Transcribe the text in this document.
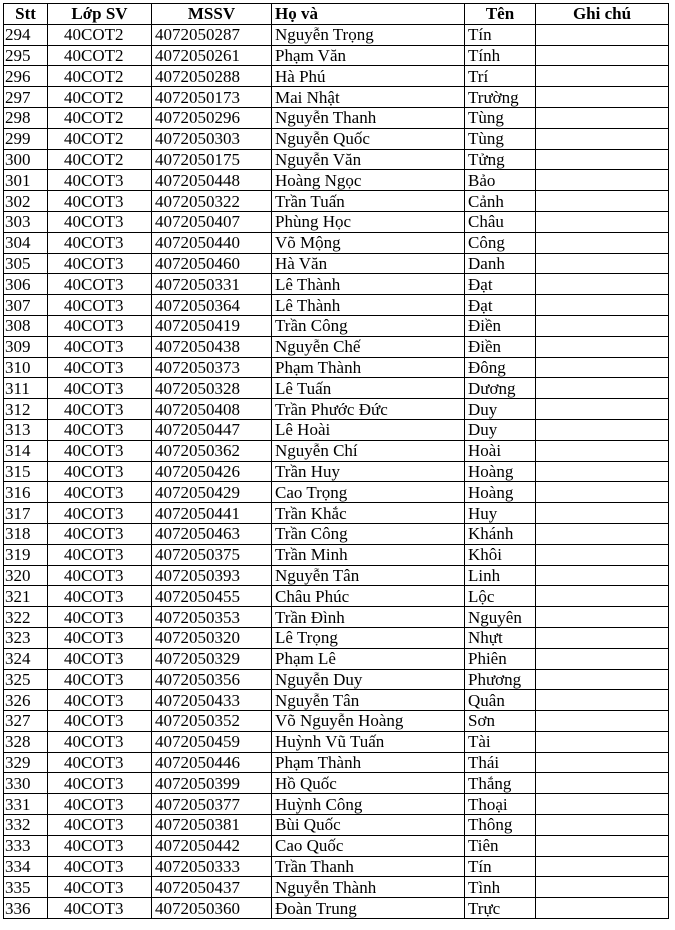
Stt	Lớp SV	MSSV	Họ và	Tên	Ghi chú
294	40COT2	4072050287	Nguyễn Trọng	Tín	
295	40COT2	4072050261	Phạm Văn	Tính	
296	40COT2	4072050288	Hà Phú	Trí	
297	40COT2	4072050173	Mai Nhật	Trường	
298	40COT2	4072050296	Nguyễn Thanh	Tùng	
299	40COT2	4072050303	Nguyễn Quốc	Tùng	
300	40COT2	4072050175	Nguyễn Văn	Tửng	
301	40COT3	4072050448	Hoàng Ngọc	Bảo	
302	40COT3	4072050322	Trần Tuấn	Cảnh	
303	40COT3	4072050407	Phùng Học	Châu	
304	40COT3	4072050440	Võ Mộng	Công	
305	40COT3	4072050460	Hà Văn	Danh	
306	40COT3	4072050331	Lê Thành	Đạt	
307	40COT3	4072050364	Lê Thành	Đạt	
308	40COT3	4072050419	Trần Công	Điền	
309	40COT3	4072050438	Nguyễn Chế	Điền	
310	40COT3	4072050373	Phạm Thành	Đông	
311	40COT3	4072050328	Lê Tuấn	Dương	
312	40COT3	4072050408	Trần Phước Đức	Duy	
313	40COT3	4072050447	Lê Hoài	Duy	
314	40COT3	4072050362	Nguyễn Chí	Hoài	
315	40COT3	4072050426	Trần Huy	Hoàng	
316	40COT3	4072050429	Cao Trọng	Hoàng	
317	40COT3	4072050441	Trần Khắc	Huy	
318	40COT3	4072050463	Trần Công	Khánh	
319	40COT3	4072050375	Trần Minh	Khôi	
320	40COT3	4072050393	Nguyễn Tân	Linh	
321	40COT3	4072050455	Châu Phúc	Lộc	
322	40COT3	4072050353	Trần Đình	Nguyên	
323	40COT3	4072050320	Lê Trọng	Nhựt	
324	40COT3	4072050329	Phạm Lê	Phiên	
325	40COT3	4072050356	Nguyễn Duy	Phương	
326	40COT3	4072050433	Nguyễn Tân	Quân	
327	40COT3	4072050352	Võ Nguyễn Hoàng	Sơn	
328	40COT3	4072050459	Huỳnh Vũ Tuấn	Tài	
329	40COT3	4072050446	Phạm Thành	Thái	
330	40COT3	4072050399	Hồ Quốc	Thắng	
331	40COT3	4072050377	Huỳnh Công	Thoại	
332	40COT3	4072050381	Bùi Quốc	Thông	
333	40COT3	4072050442	Cao Quốc	Tiên	
334	40COT3	4072050333	Trần Thanh	Tín	
335	40COT3	4072050437	Nguyễn Thành	Tình	
336	40COT3	4072050360	Đoàn Trung	Trực	
